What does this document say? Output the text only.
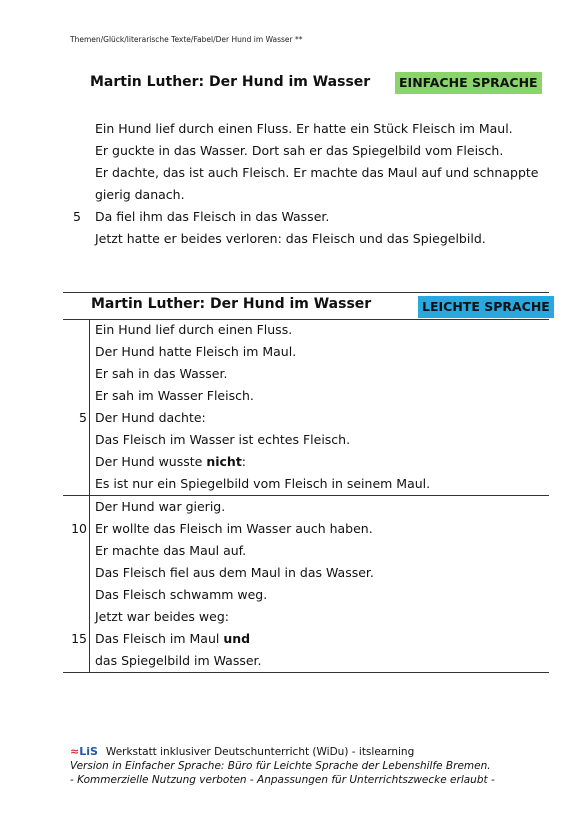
Themen/Glück/literarische Texte/Fabel/Der Hund im Wasser **
Martin Luther: Der Hund im Wasser	EINFACHE SPRACHE
Ein Hund lief durch einen Fluss. Er hatte ein Stück Fleisch im Maul.
Er guckte in das Wasser. Dort sah er das Spiegelbild vom Fleisch.
Er dachte, das ist auch Fleisch. Er machte das Maul auf und schnappte
gierig danach.
5 Da fiel ihm das Fleisch in das Wasser.
Jetzt hatte er beides verloren: das Fleisch und das Spiegelbild.
Martin Luther: Der Hund im Wasser	LEICHTE SPRACHE
Ein Hund lief durch einen Fluss.
Der Hund hatte Fleisch im Maul.
Er sah in das Wasser.
Er sah im Wasser Fleisch.
5 Der Hund dachte:
Das Fleisch im Wasser ist echtes Fleisch.
Der Hund wusste nicht:
Es ist nur ein Spiegelbild vom Fleisch in seinem Maul.
Der Hund war gierig.
10 Er wollte das Fleisch im Wasser auch haben.
Er machte das Maul auf.
Das Fleisch fiel aus dem Maul in das Wasser.
Das Fleisch schwamm weg.
Jetzt war beides weg:
15 Das Fleisch im Maul und
das Spiegelbild im Wasser.
≈LiS Werkstatt inklusiver Deutschunterricht (WiDu) - itslearning
Version in Einfacher Sprache: Büro für Leichte Sprache der Lebenshilfe Bremen.
- Kommerzielle Nutzung verboten - Anpassungen für Unterrichtszwecke erlaubt -
